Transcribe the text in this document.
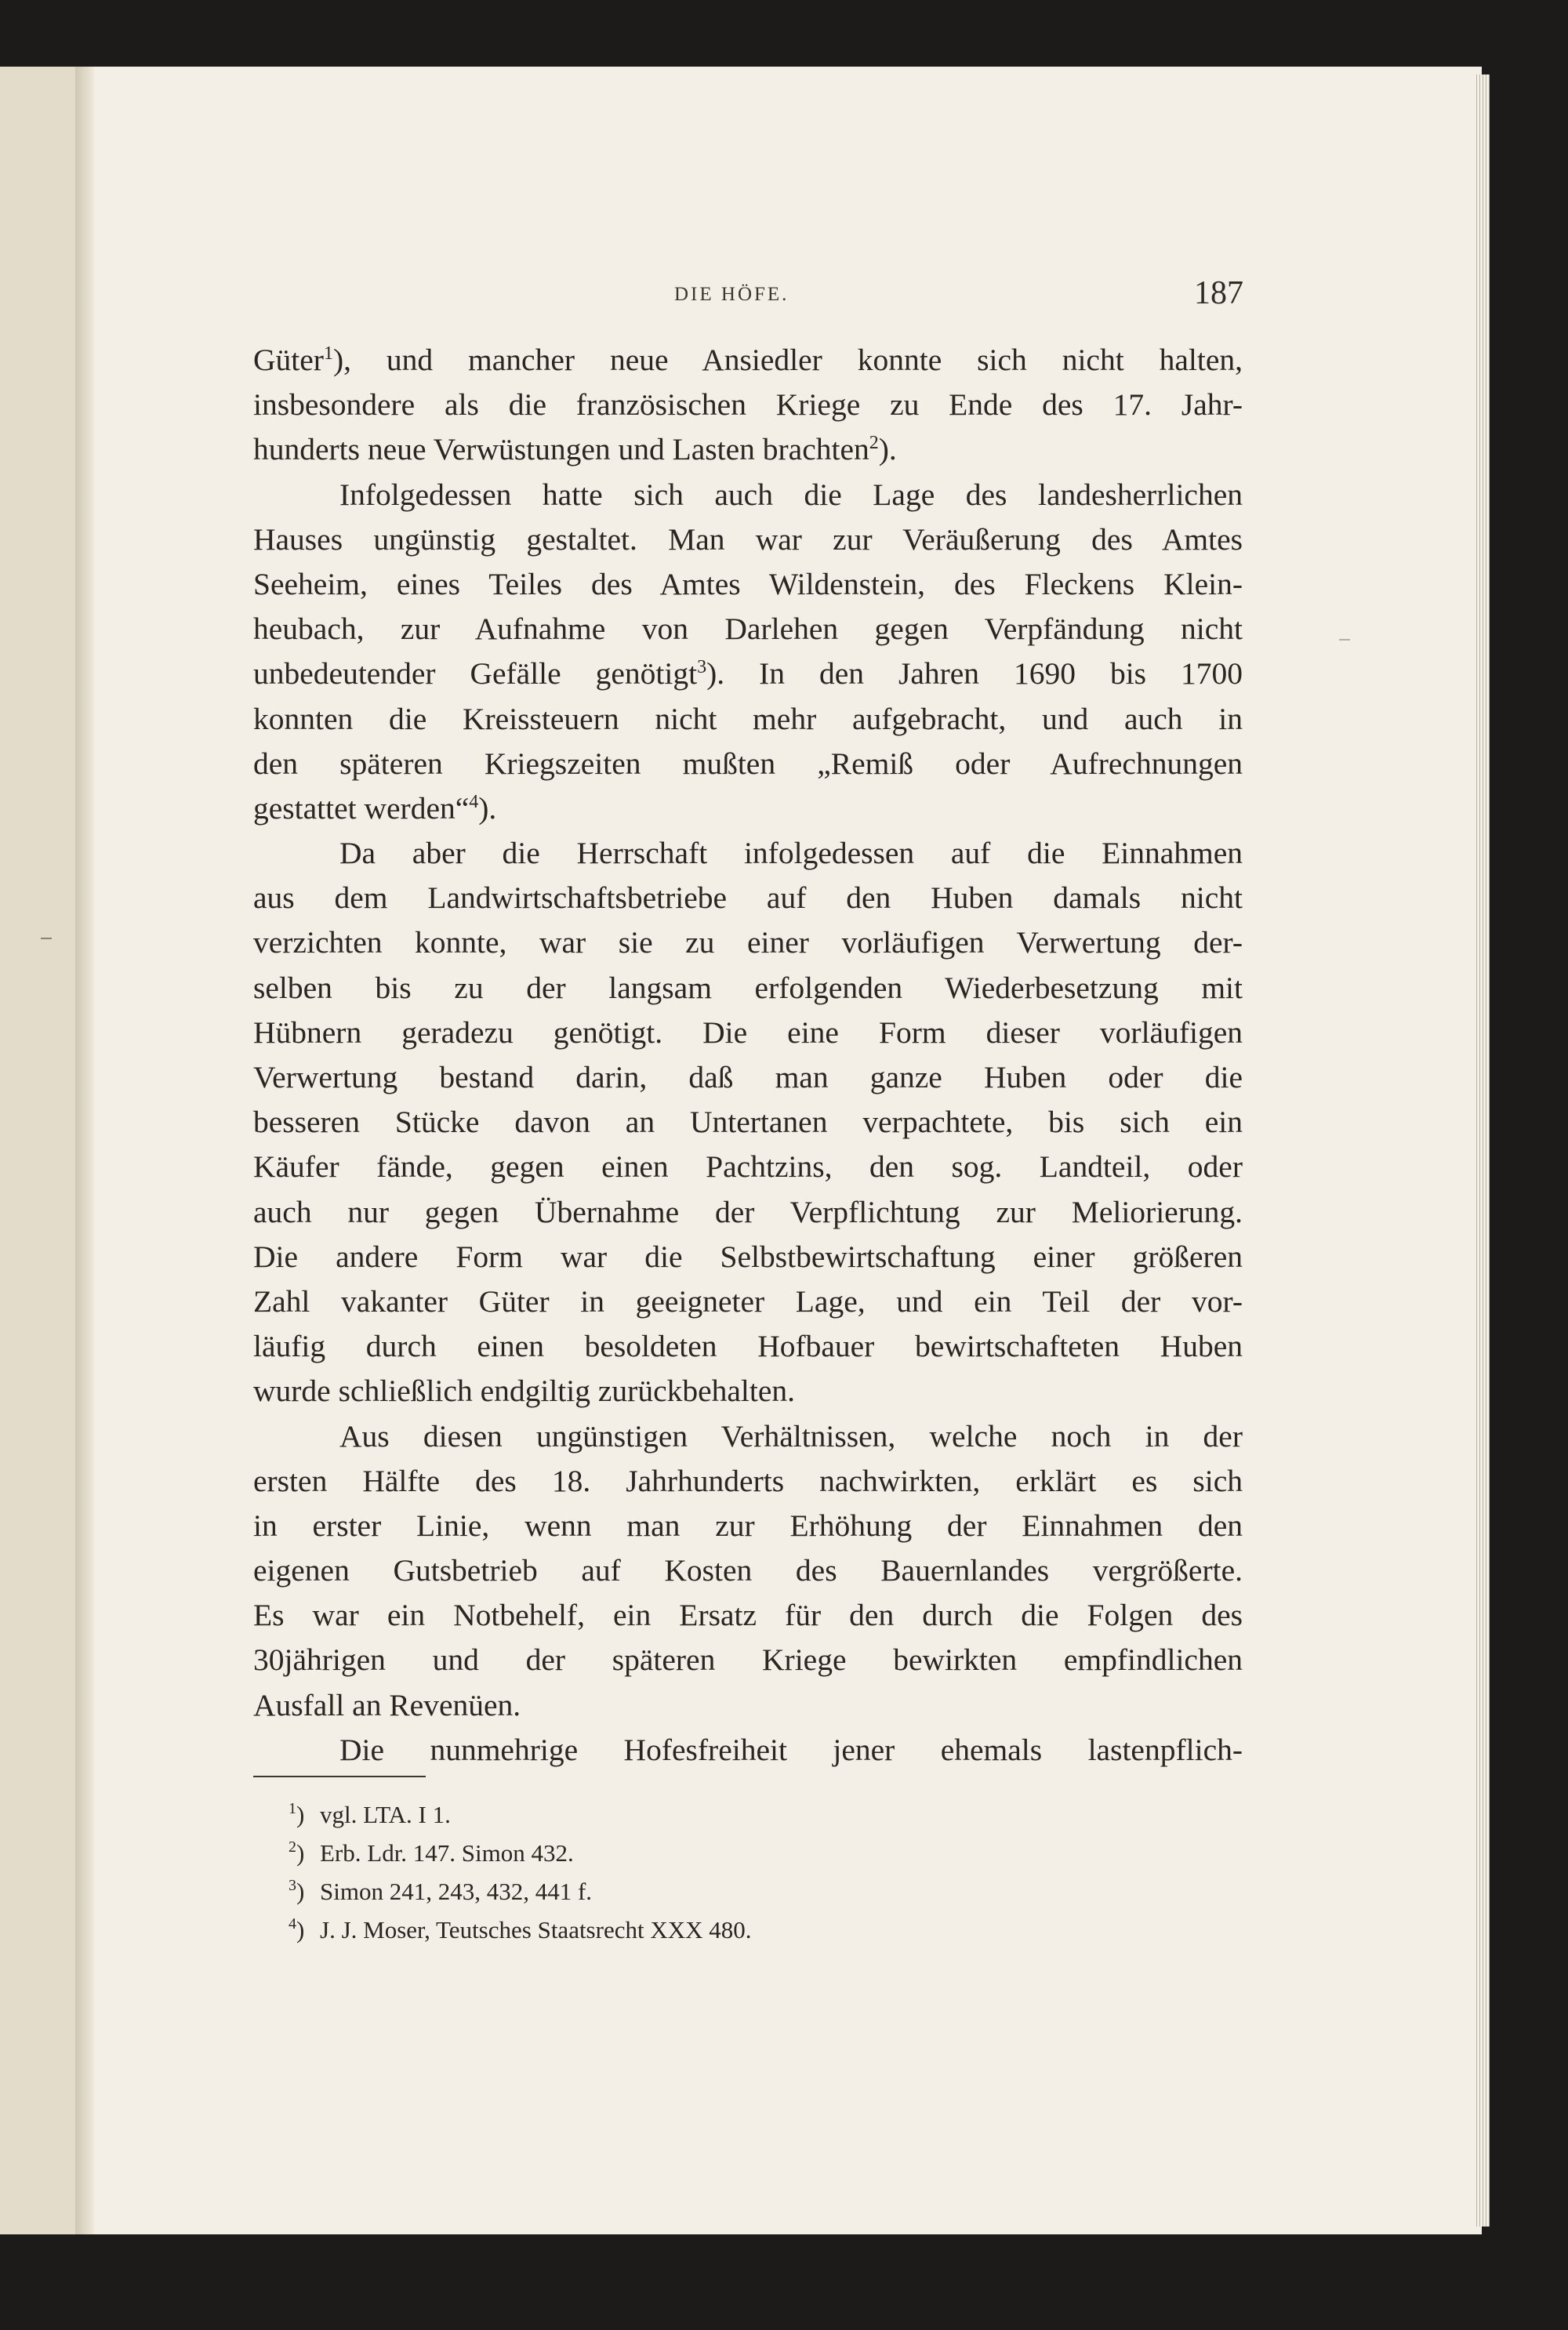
DIE HÖFE.	187
Güter$^1$), und mancher neue Ansiedler konnte sich nicht halten,
insbesondere als die französischen Kriege zu Ende des 17. Jahr-
hunderts neue Verwüstungen und Lasten brachten$^2$).
Infolgedessen hatte sich auch die Lage des landesherrlichen
Hauses ungünstig gestaltet. Man war zur Veräußerung des Amtes
Seeheim, eines Teiles des Amtes Wildenstein, des Fleckens Klein-
heubach, zur Aufnahme von Darlehen gegen Verpfändung nicht
unbedeutender Gefälle genötigt$^3$). In den Jahren 1690 bis 1700
konnten die Kreissteuern nicht mehr aufgebracht, und auch in
den späteren Kriegszeiten mußten „Remiß oder Aufrechnungen
gestattet werden“$^4$).
Da aber die Herrschaft infolgedessen auf die Einnahmen
aus dem Landwirtschaftsbetriebe auf den Huben damals nicht
verzichten konnte, war sie zu einer vorläufigen Verwertung der-
selben bis zu der langsam erfolgenden Wiederbesetzung mit
Hübnern geradezu genötigt. Die eine Form dieser vorläufigen
Verwertung bestand darin, daß man ganze Huben oder die
besseren Stücke davon an Untertanen verpachtete, bis sich ein
Käufer fände, gegen einen Pachtzins, den sog. Landteil, oder
auch nur gegen Übernahme der Verpflichtung zur Meliorierung.
Die andere Form war die Selbstbewirtschaftung einer größeren
Zahl vakanter Güter in geeigneter Lage, und ein Teil der vor-
läufig durch einen besoldeten Hofbauer bewirtschafteten Huben
wurde schließlich endgiltig zurückbehalten.
Aus diesen ungünstigen Verhältnissen, welche noch in der
ersten Hälfte des 18. Jahrhunderts nachwirkten, erklärt es sich
in erster Linie, wenn man zur Erhöhung der Einnahmen den
eigenen Gutsbetrieb auf Kosten des Bauernlandes vergrößerte.
Es war ein Notbehelf, ein Ersatz für den durch die Folgen des
30jährigen und der späteren Kriege bewirkten empfindlichen
Ausfall an Revenüen.
Die nunmehrige Hofesfreiheit jener ehemals lastenpflich-
$^1$) vgl. LTA. I 1.
$^2$) Erb. Ldr. 147. Simon 432.
$^3$) Simon 241, 243, 432, 441 f.
$^4$) J. J. Moser, Teutsches Staatsrecht XXX 480.
